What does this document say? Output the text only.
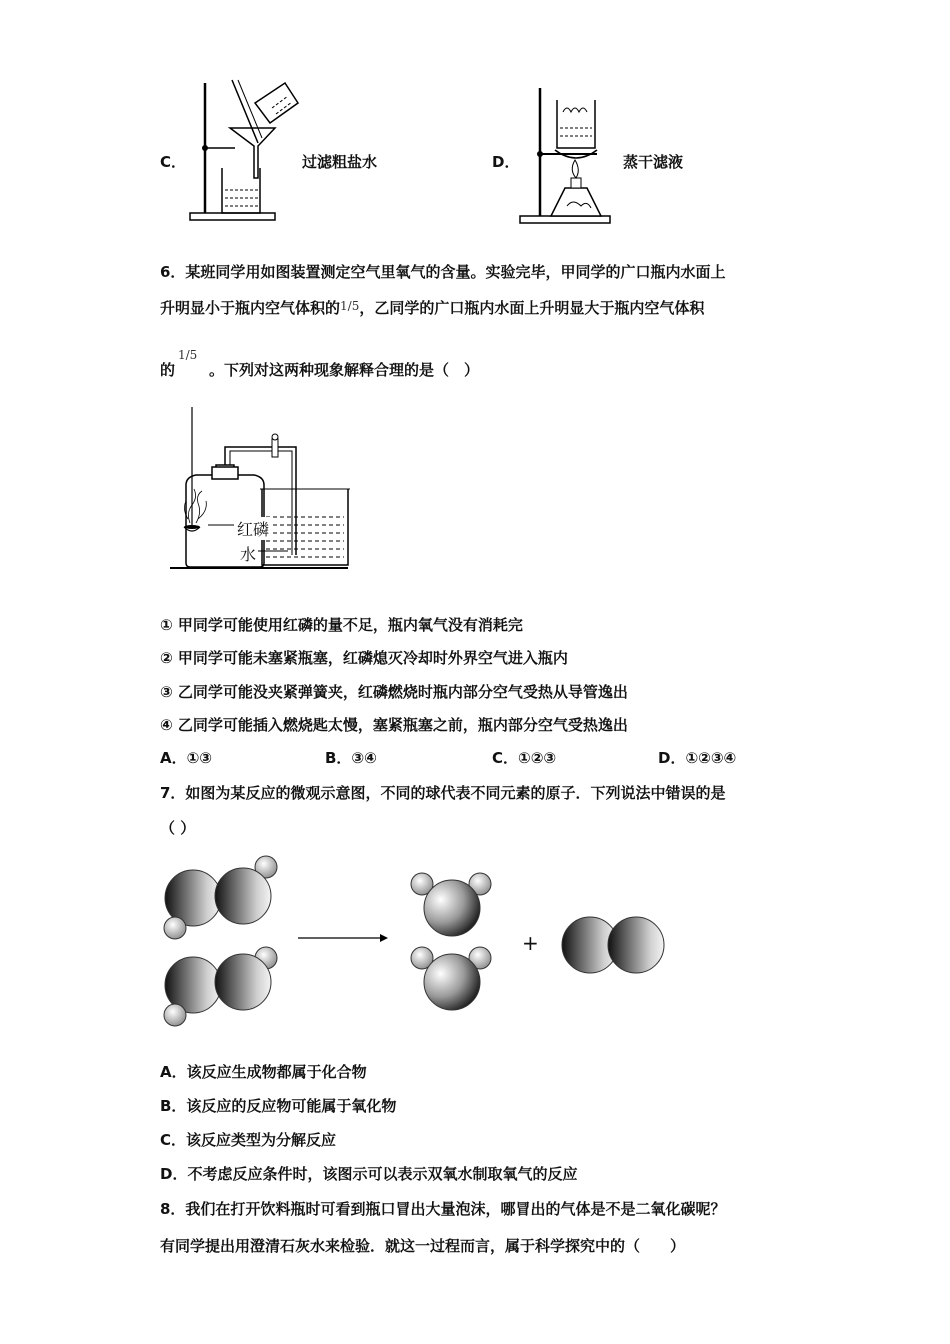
C．	过滤粗盐水	D．	蒸干滤液
6．某班同学用如图装置测定空气里氧气的含量。实验完毕，甲同学的广口瓶内水面上
升明显小于瓶内空气体积的$^{1/5}$，乙同学的广口瓶内水面上升明显大于瓶内空气体积
1/5
的 。下列对这两种现象解释合理的是（　）
红磷
水
① 甲同学可能使用红磷的量不足，瓶内氧气没有消耗完
② 甲同学可能未塞紧瓶塞，红磷熄灭冷却时外界空气进入瓶内
③ 乙同学可能没夹紧弹簧夹，红磷燃烧时瓶内部分空气受热从导管逸出
④ 乙同学可能插入燃烧匙太慢，塞紧瓶塞之前，瓶内部分空气受热逸出
A．①③	B．③④	C．①②③	D．①②③④
7．如图为某反应的微观示意图，不同的球代表不同元素的原子．下列说法中错误的是
（ ）
+
A．该反应生成物都属于化合物
B．该反应的反应物可能属于氧化物
C．该反应类型为分解反应
D．不考虑反应条件时，该图示可以表示双氧水制取氧气的反应
8．我们在打开饮料瓶时可看到瓶口冒出大量泡沫，哪冒出的气体是不是二氧化碳呢？
有同学提出用澄清石灰水来检验．就这一过程而言，属于科学探究中的（　　）
